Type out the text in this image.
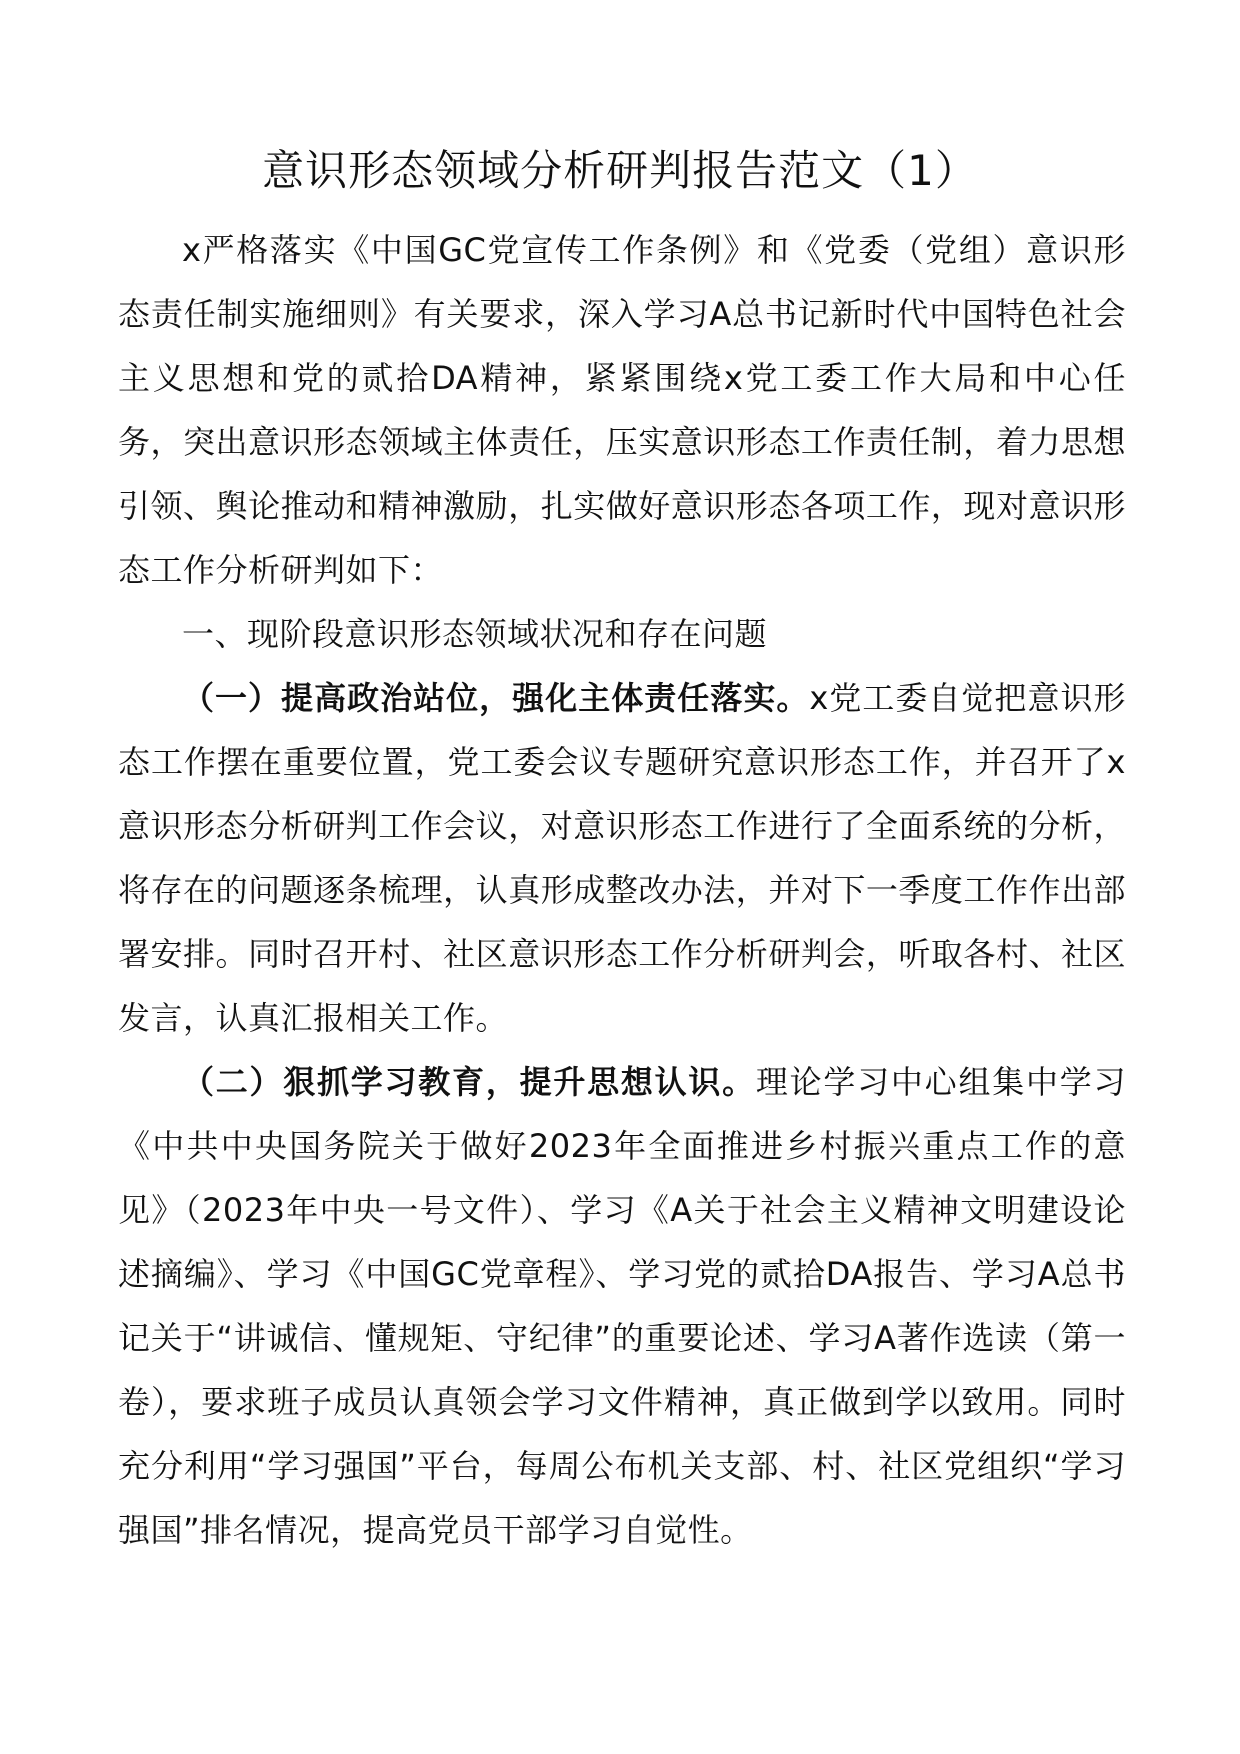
意识形态领域分析研判报告范文（1）

x严格落实《中国GC党宣传工作条例》和《党委（党组）意识形态责任制实施细则》有关要求，深入学习A总书记新时代中国特色社会主义思想和党的贰拾DA精神，紧紧围绕x党工委工作大局和中心任务，突出意识形态领域主体责任，压实意识形态工作责任制，着力思想引领、舆论推动和精神激励，扎实做好意识形态各项工作，现对意识形态工作分析研判如下：

一、现阶段意识形态领域状况和存在问题

（一）提高政治站位，强化主体责任落实。x党工委自觉把意识形态工作摆在重要位置，党工委会议专题研究意识形态工作，并召开了x意识形态分析研判工作会议，对意识形态工作进行了全面系统的分析，将存在的问题逐条梳理，认真形成整改办法，并对下一季度工作作出部署安排。同时召开村、社区意识形态工作分析研判会，听取各村、社区发言，认真汇报相关工作。

（二）狠抓学习教育，提升思想认识。理论学习中心组集中学习《中共中央国务院关于做好2023年全面推进乡村振兴重点工作的意见》（2023年中央一号文件）、学习《A关于社会主义精神文明建设论述摘编》、学习《中国GC党章程》、学习党的贰拾DA报告、学习A总书记关于“讲诚信、懂规矩、守纪律”的重要论述、学习A著作选读（第一卷），要求班子成员认真领会学习文件精神，真正做到学以致用。同时充分利用“学习强国”平台，每周公布机关支部、村、社区党组织“学习强国”排名情况，提高党员干部学习自觉性。
